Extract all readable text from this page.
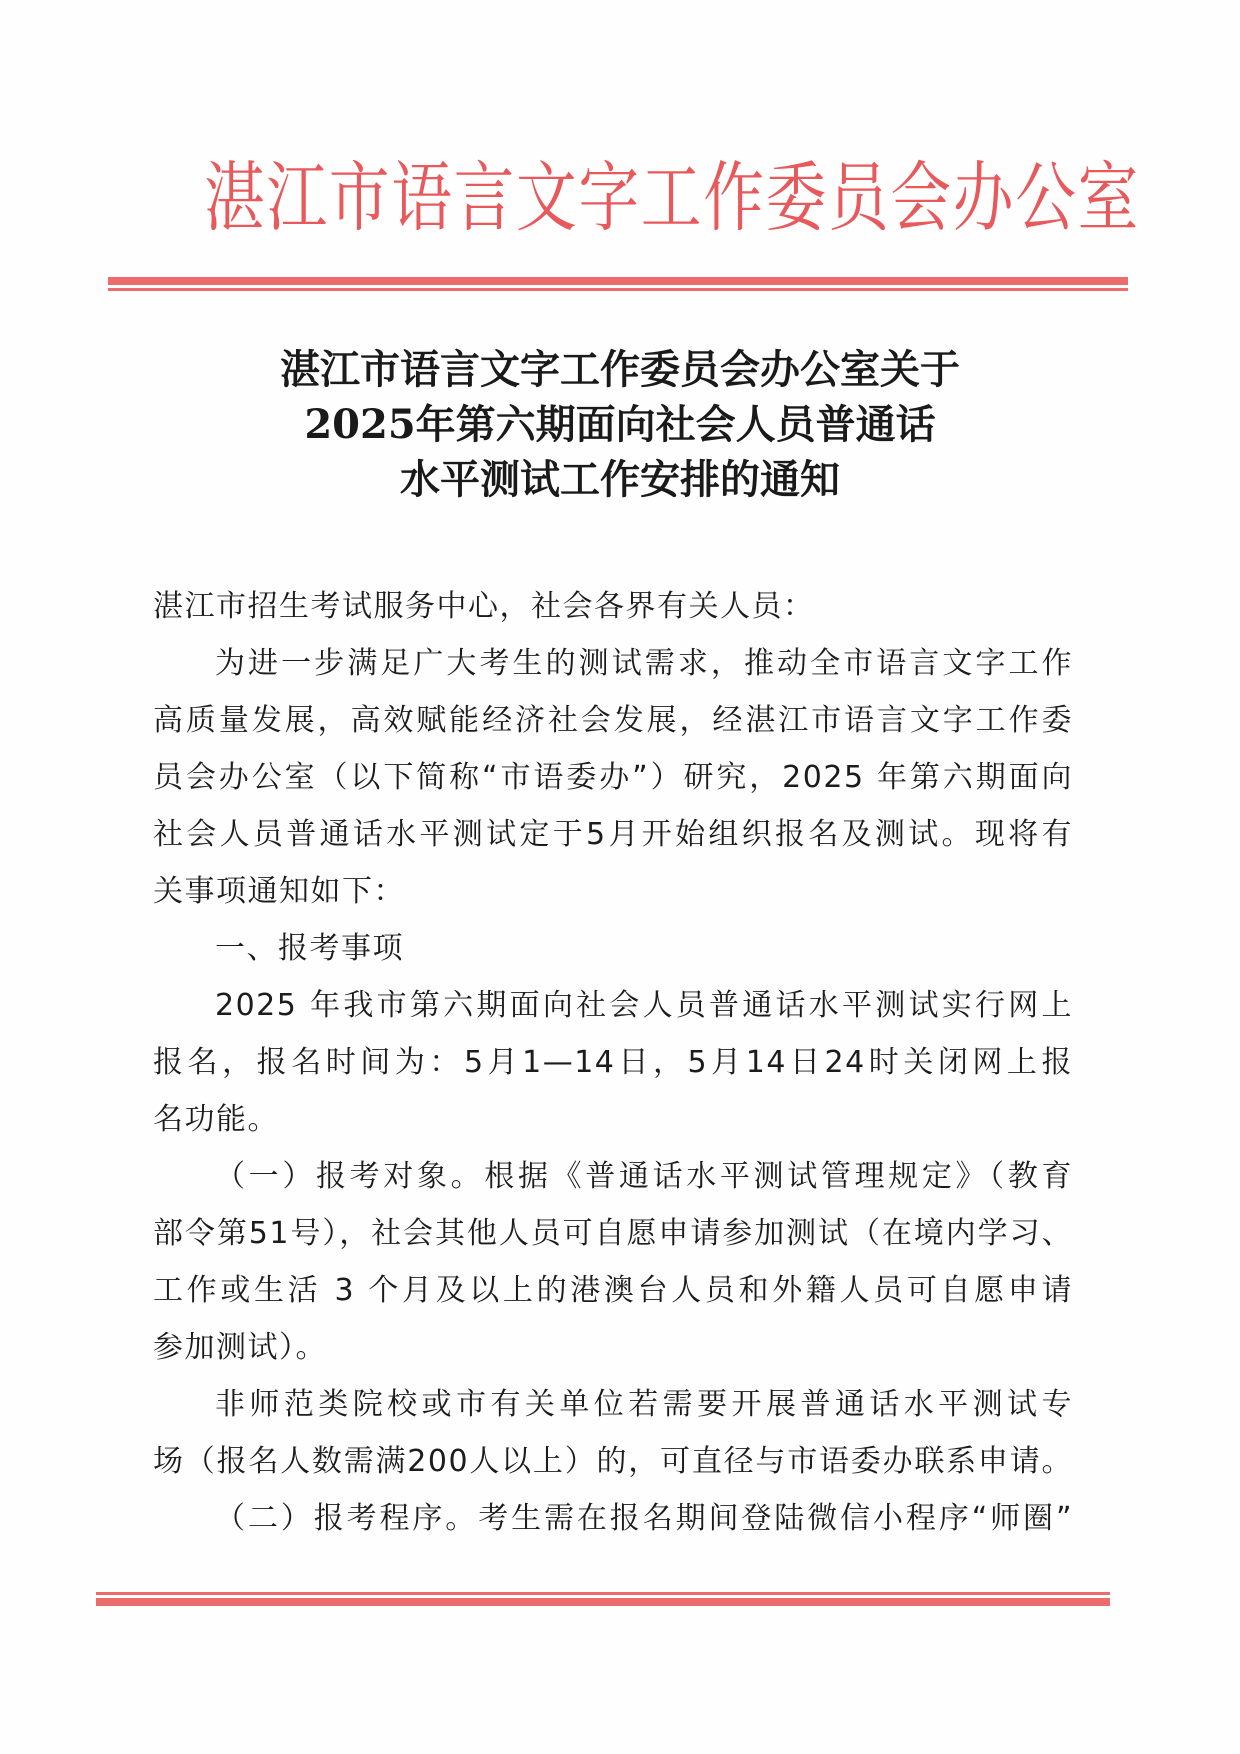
湛江市语言文字工作委员会办公室
湛江市语言文字工作委员会办公室关于
2025年第六期面向社会人员普通话
水平测试工作安排的通知
湛江市招生考试服务中心，社会各界有关人员：
为进一步满足广大考生的测试需求，推动全市语言文字工作
高质量发展，高效赋能经济社会发展，经湛江市语言文字工作委
员会办公室（以下简称“市语委办”）研究，2025 年第六期面向
社会人员普通话水平测试定于5月开始组织报名及测试。现将有
关事项通知如下：
一、报考事项
2025 年我市第六期面向社会人员普通话水平测试实行网上
报名，报名时间为：5月1—14日，5月14日24时关闭网上报
名功能。
（一）报考对象。根据《普通话水平测试管理规定》（教育
部令第51号），社会其他人员可自愿申请参加测试（在境内学习、
工作或生活 3 个月及以上的港澳台人员和外籍人员可自愿申请
参加测试）。
非师范类院校或市有关单位若需要开展普通话水平测试专
场（报名人数需满200人以上）的，可直径与市语委办联系申请。
（二）报考程序。考生需在报名期间登陆微信小程序“师圈”
